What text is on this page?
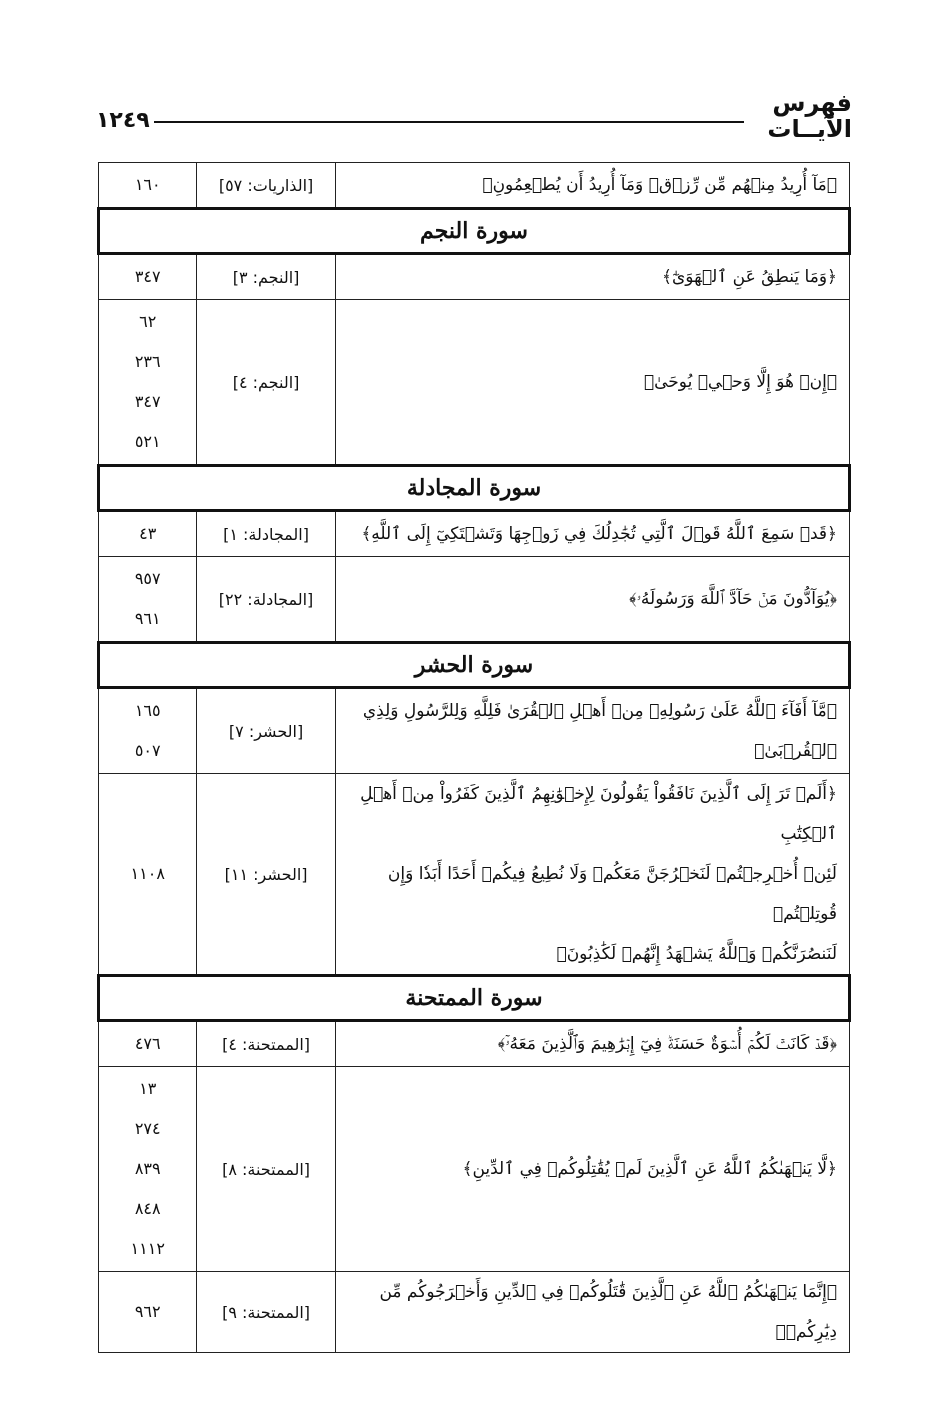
١٢٤٩
فهرس
الآيــات
﴿مَآ أُرِيدُ مِنۡهُم مِّن رِّزۡقٖ وَمَآ أُرِيدُ أَن يُطۡعِمُونِ﴾	[الذاريات: ٥٧]	١٦٠

سورة النجم		

﴿وَمَا يَنطِقُ عَنِ ٱلۡهَوَىٰٓ﴾	[النجم: ٣]	٣٤٧

﴿إِنۡ هُوَ إِلَّا وَحۡيٞ يُوحَىٰ﴾	[النجم: ٤]	٦٢
٢٣٦
٣٤٧
٥٢١

سورة المجادلة		

﴿قَدۡ سَمِعَ ٱللَّهُ قَوۡلَ ٱلَّتِي تُجَٰدِلُكَ فِي زَوۡجِهَا وَتَشۡتَكِيٓ إِلَى ٱللَّهِ﴾	[المجادلة: ١]	٤٣

﴿يُوَآدُّونَ مَنۡ حَآدَّ ٱللَّهَ وَرَسُولَهُۥ﴾	[المجادلة: ٢٢]	٩٥٧
٩٦١

سورة الحشر		

﴿مَّآ أَفَآءَ ٱللَّهُ عَلَىٰ رَسُولِهِۦ مِنۡ أَهۡلِ ٱلۡقُرَىٰ فَلِلَّهِ وَلِلرَّسُولِ وَلِذِي ٱلۡقُرۡبَىٰ﴾	[الحشر: ٧]	١٦٥
٥٠٧

﴿أَلَمۡ تَرَ إِلَى ٱلَّذِينَ نَافَقُواْ يَقُولُونَ لِإِخۡوَٰنِهِمُ ٱلَّذِينَ كَفَرُواْ مِنۡ أَهۡلِ ٱلۡكِتَٰبِ
لَئِنۡ أُخۡرِجۡتُمۡ لَنَخۡرُجَنَّ مَعَكُمۡ وَلَا نُطِيعُ فِيكُمۡ أَحَدًا أَبَدٗا وَإِن قُوتِلۡتُمۡ
لَنَنصُرَنَّكُمۡ وَٱللَّهُ يَشۡهَدُ إِنَّهُمۡ لَكَٰذِبُونَ﴾	[الحشر: ١١]	١١٠٨

سورة الممتحنة		

﴿قَدۡ كَانَتۡ لَكُمۡ أُسۡوَةٌ حَسَنَةٞ فِيٓ إِبۡرَٰهِيمَ وَٱلَّذِينَ مَعَهُۥٓ﴾	[الممتحنة: ٤]	٤٧٦

﴿لَّا يَنۡهَىٰكُمُ ٱللَّهُ عَنِ ٱلَّذِينَ لَمۡ يُقَٰتِلُوكُمۡ فِي ٱلدِّينِ﴾	[الممتحنة: ٨]	١٣
٢٧٤
٨٣٩
٨٤٨
١١١٢

﴿إِنَّمَا يَنۡهَىٰكُمُ ٱللَّهُ عَنِ ٱلَّذِينَ قَٰتَلُوكُمۡ فِي ٱلدِّينِ وَأَخۡرَجُوكُم مِّن دِيَٰرِكُمۡ﴾	[الممتحنة: ٩]	٩٦٢
